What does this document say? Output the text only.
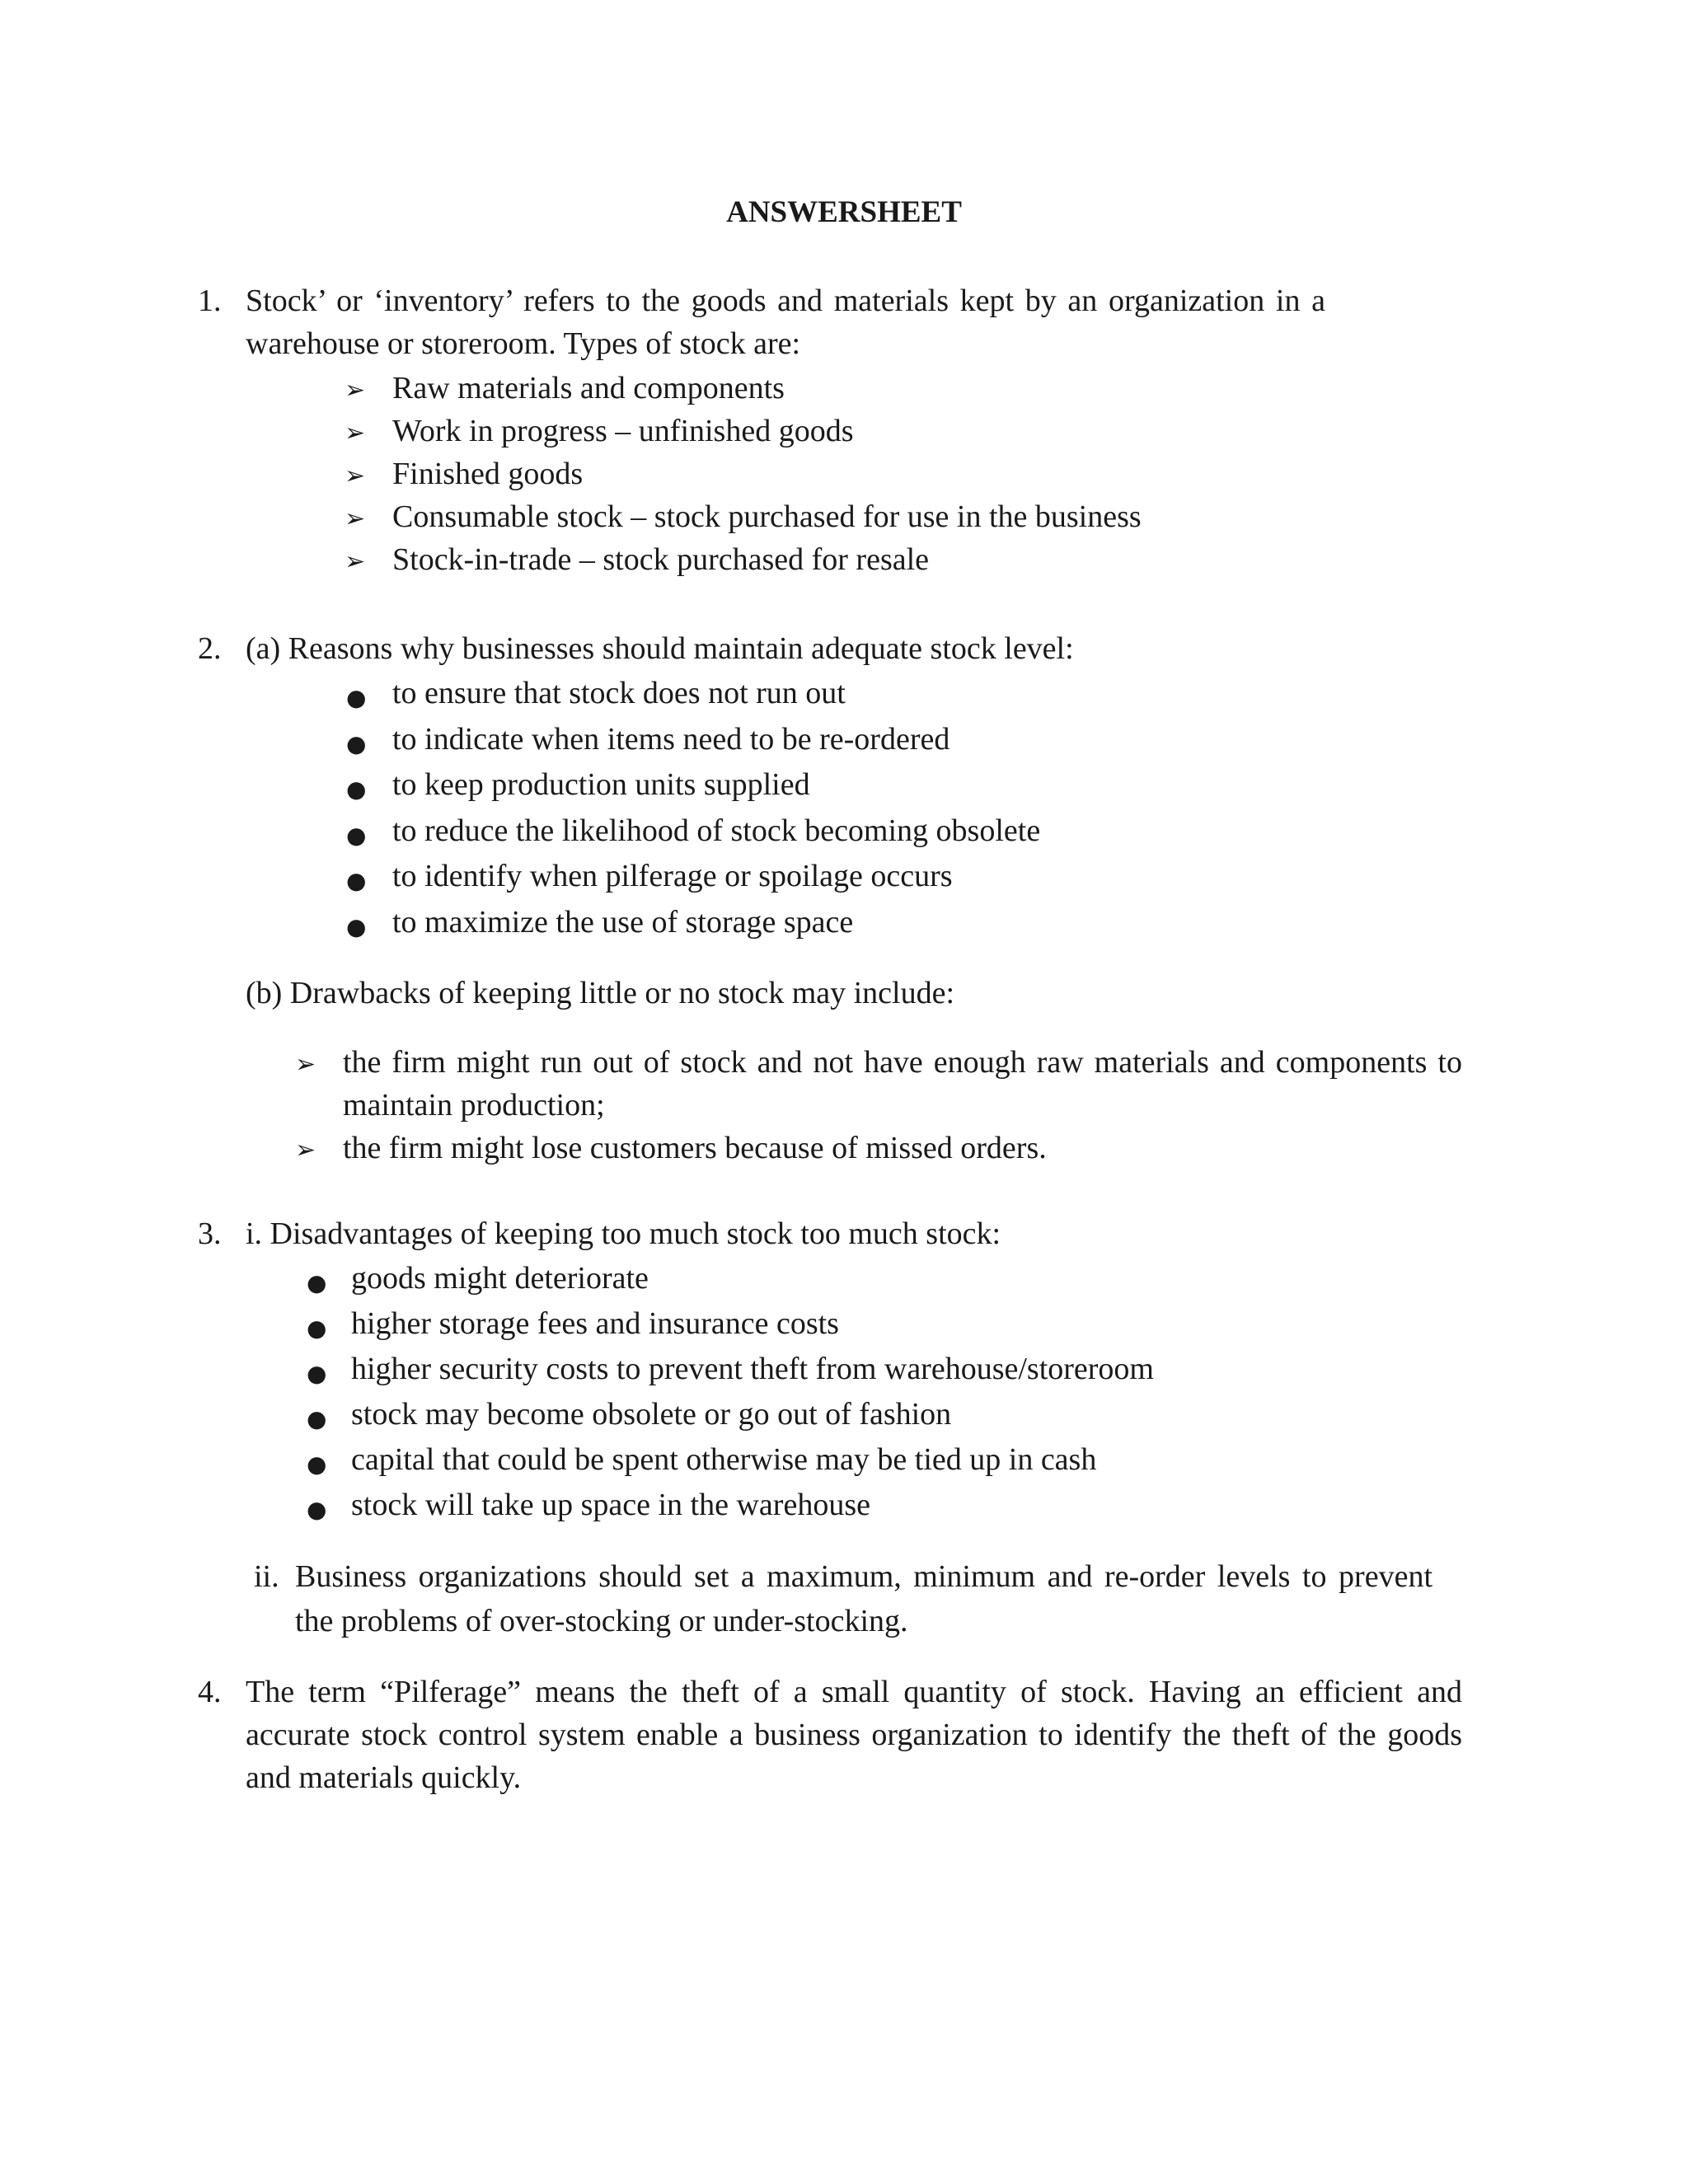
ANSWERSHEET
1. Stock’ or ‘inventory’ refers to the goods and materials kept by an organization in a
warehouse or storeroom. Types of stock are:
➢ Raw materials and components
➢ Work in progress – unfinished goods
➢ Finished goods
➢ Consumable stock – stock purchased for use in the business
➢ Stock-in-trade – stock purchased for resale
2. (a) Reasons why businesses should maintain adequate stock level:
● to ensure that stock does not run out
● to indicate when items need to be re-ordered
● to keep production units supplied
● to reduce the likelihood of stock becoming obsolete
● to identify when pilferage or spoilage occurs
● to maximize the use of storage space
(b) Drawbacks of keeping little or no stock may include:
➢ the firm might run out of stock and not have enough raw materials and components to
maintain production;
➢ the firm might lose customers because of missed orders.
3. i. Disadvantages of keeping too much stock too much stock:
● goods might deteriorate
● higher storage fees and insurance costs
● higher security costs to prevent theft from warehouse/storeroom
● stock may become obsolete or go out of fashion
● capital that could be spent otherwise may be tied up in cash
● stock will take up space in the warehouse
ii. Business organizations should set a maximum, minimum and re-order levels to prevent
the problems of over-stocking or under-stocking.
4. The term “Pilferage” means the theft of a small quantity of stock. Having an efficient and
accurate stock control system enable a business organization to identify the theft of the goods
and materials quickly.
